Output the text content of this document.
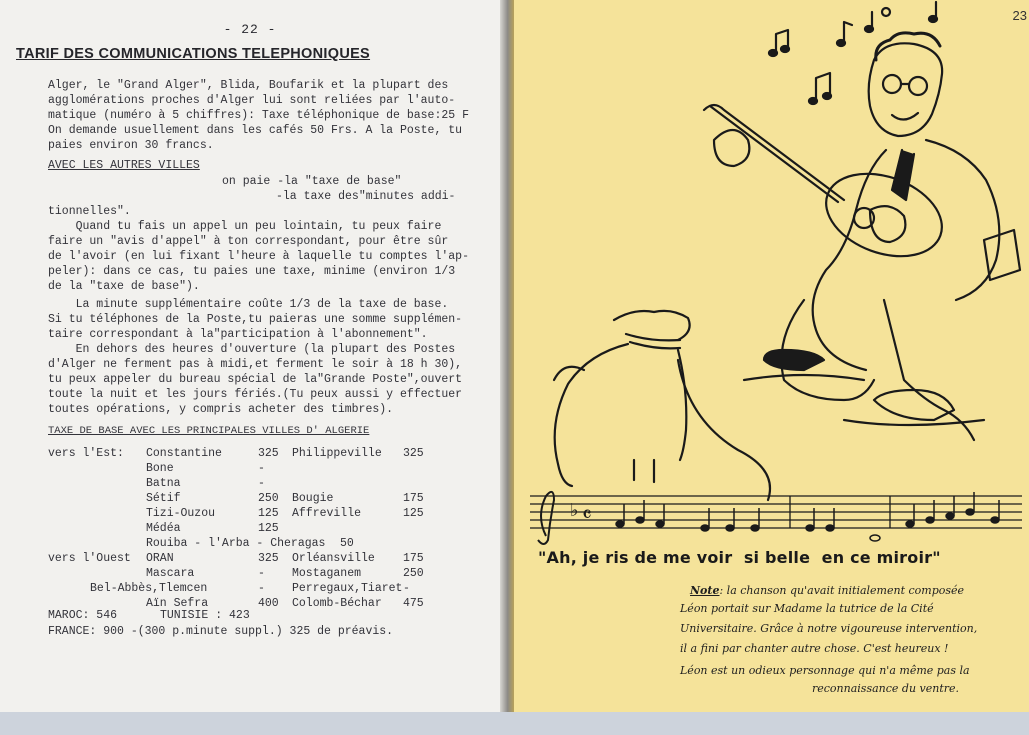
- 22 -
TARIF DES COMMUNICATIONS TELEPHONIQUES
Alger, le "Grand Alger", Blida, Boufarik et la plupart des
agglomérations proches d'Alger lui sont reliées par l'auto-
matique (numéro à 5 chiffres): Taxe téléphonique de base:25 F
On demande usuellement dans les cafés 50 Frs. A la Poste, tu
paies environ 30 francs.
AVEC LES AUTRES VILLES
on paie -la "taxe de base"
-la taxe des"minutes addi-
tionnelles".
Quand tu fais un appel un peu lointain, tu peux faire
faire un "avis d'appel" à ton correspondant, pour être sûr
de l'avoir (en lui fixant l'heure à laquelle tu comptes l'ap-
peler): dans ce cas, tu paies une taxe, minime (environ 1/3
de la "taxe de base").
La minute supplémentaire coûte 1/3 de la taxe de base.
Si tu téléphones de la Poste,tu paieras une somme supplémen-
taire correspondant à la"participation à l'abonnement".
En dehors des heures d'ouverture (la plupart des Postes
d'Alger ne ferment pas à midi,et ferment le soir à 18 h 30),
tu peux appeler du bureau spécial de la"Grande Poste",ouvert
toute la nuit et les jours fériés.(Tu peux aussi y effectuer
toutes opérations, y compris acheter des timbres).
TAXE DE BASE AVEC LES PRINCIPALES VILLES D' ALGERIE
vers l'Est: Constantine	325 Philippeville 325
Bone	-
Batna	-
Sétif	250 Bougie	175
Tizi-Ouzou	125 Affreville	125
Médéa	125
Rouiba - l'Arba - Cheragas 50
vers l'Ouest ORAN	325 Orléansville 175
Mascara	- Mostaganem	250
Bel-Abbès,Tlemcen	- Perregaux,Tiaret -
Aïn Sefra	400 Colomb-Béchar 475
MAROC: 546	TUNISIE : 423
FRANCE: 900 -(300 p.minute suppl.) 325 de préavis.
23
♭ 𝄴
"Ah, je ris de me voir  si belle  en ce miroir"
Note: la chanson qu'avait initialement composée
Léon portait sur Madame la tutrice de la Cité
Universitaire. Grâce à notre vigoureuse intervention,
il a fini par chanter autre chose. C'est heureux !
Léon est un odieux personnage qui n'a même pas la
reconnaissance du ventre.
